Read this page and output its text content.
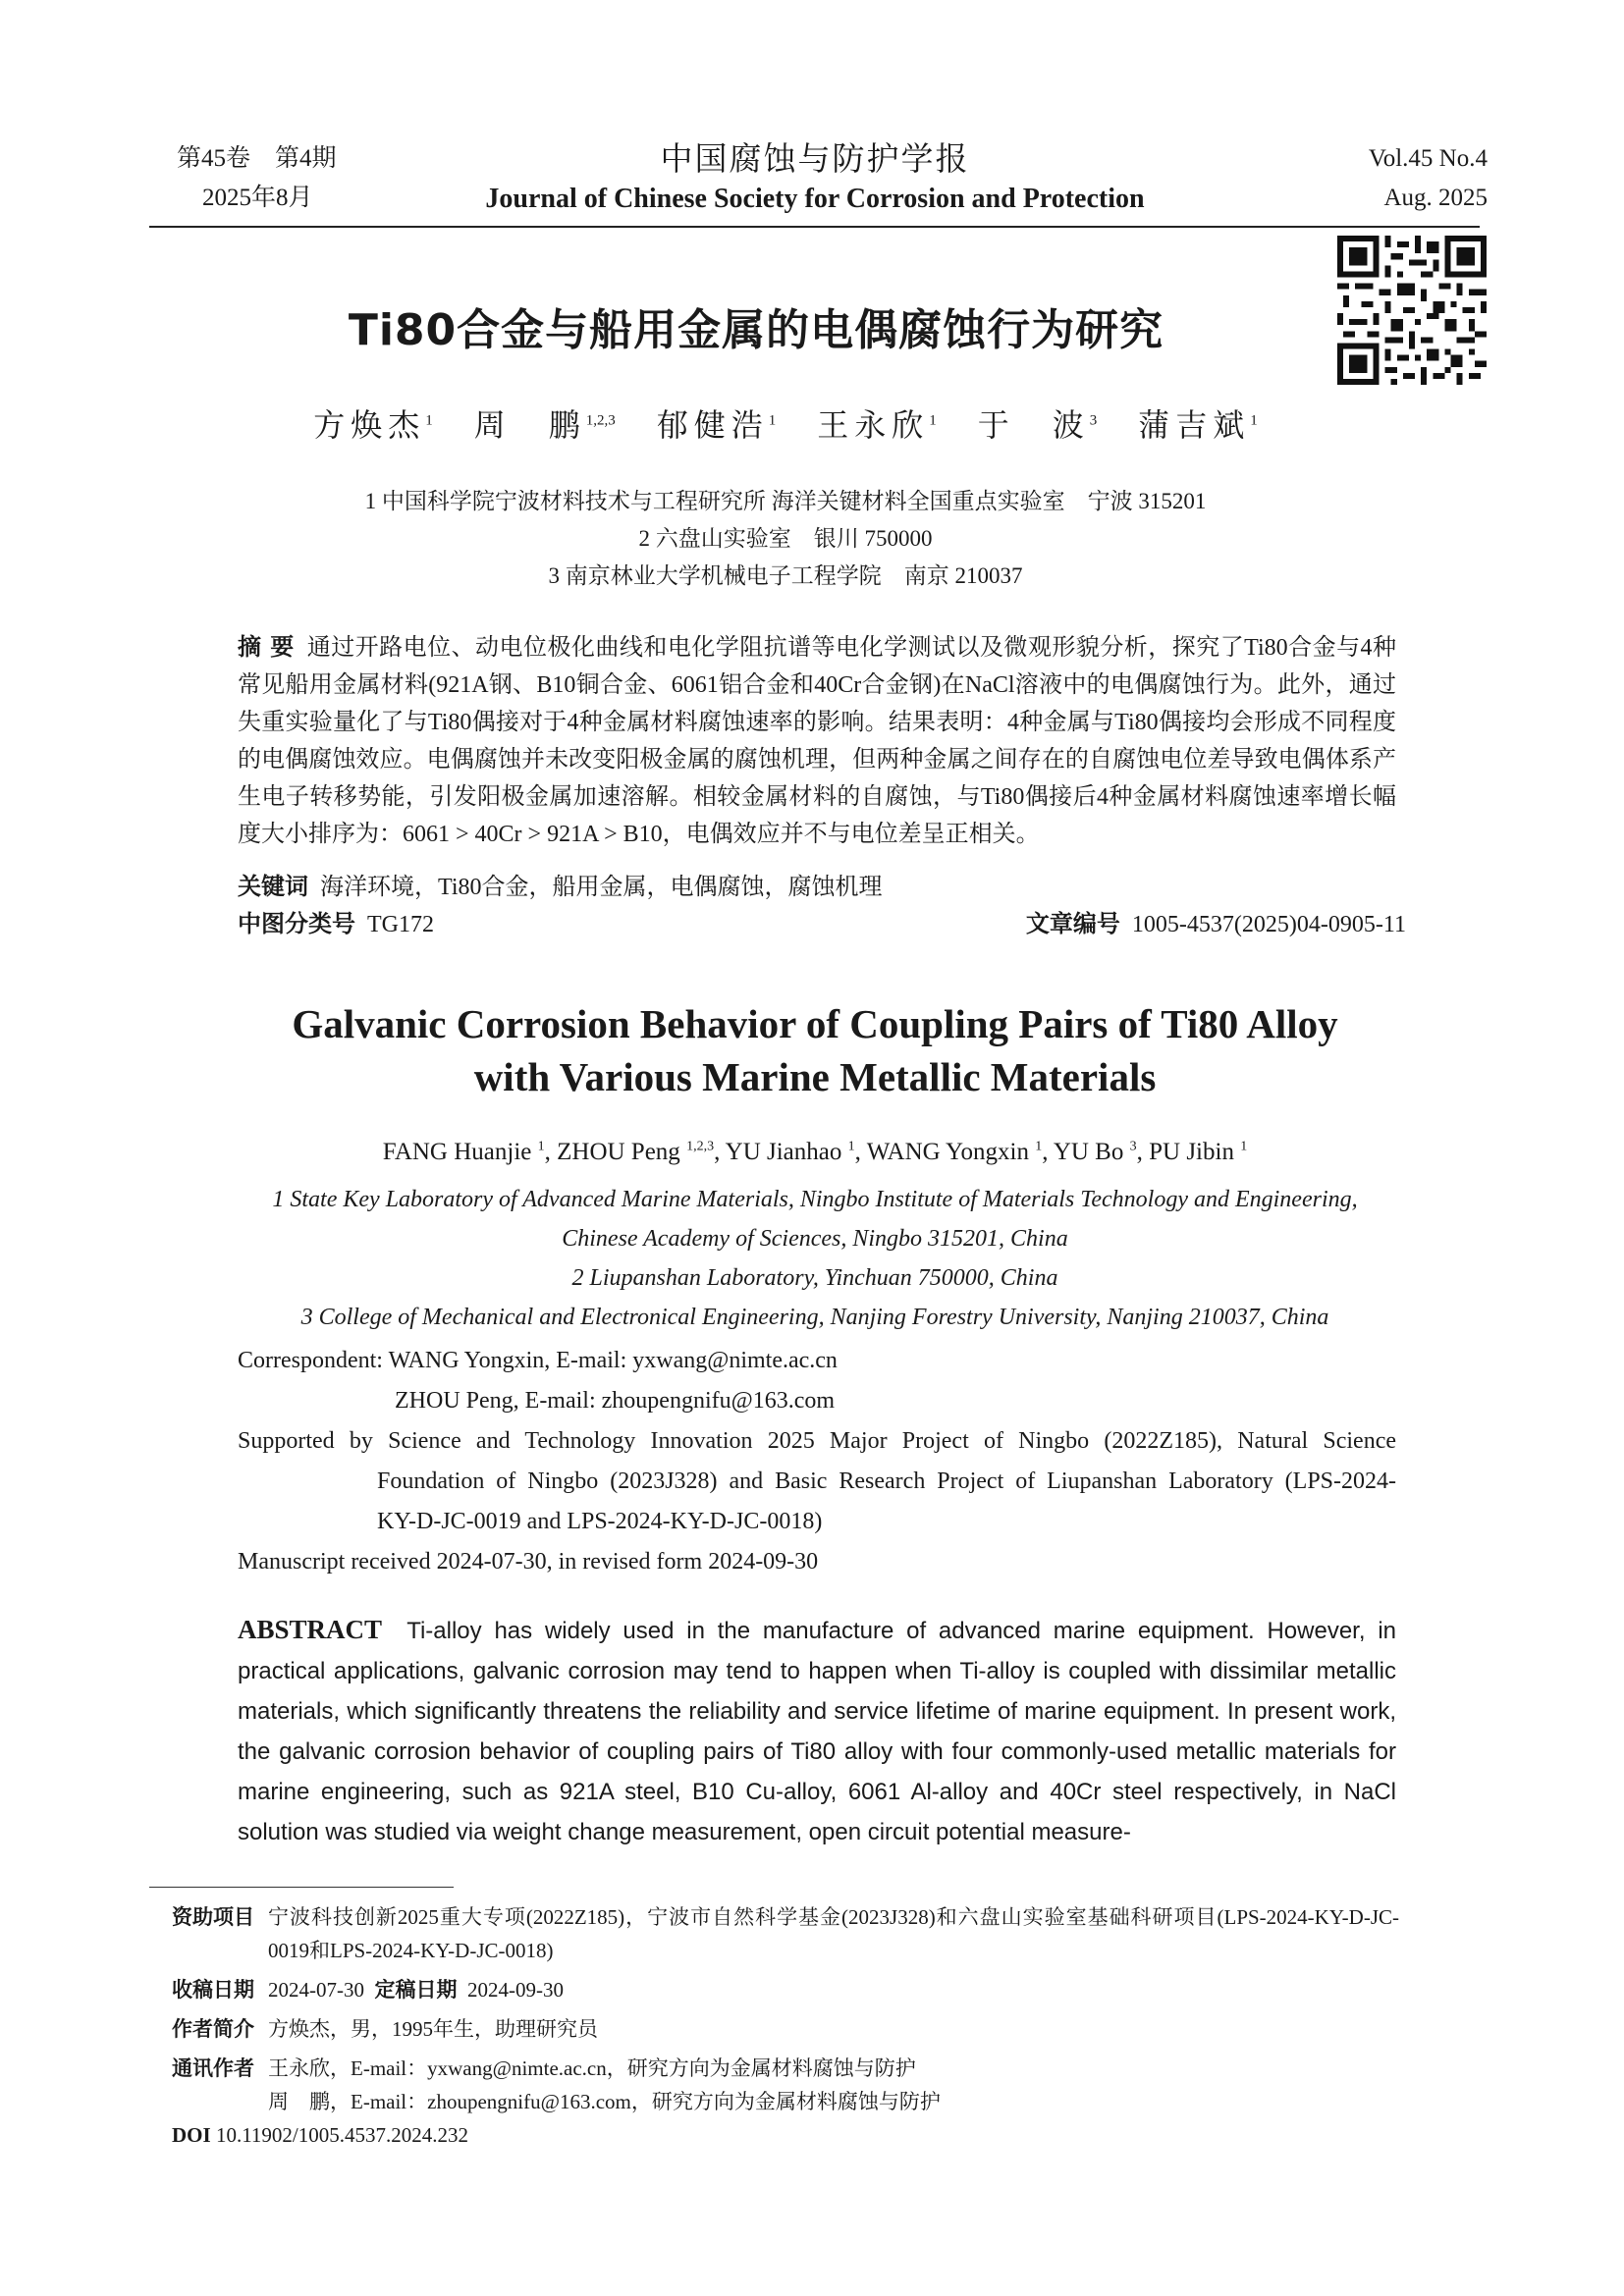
第45卷　第4期
2025年8月
中国腐蚀与防护学报
Journal of Chinese Society for Corrosion and Protection
Vol.45 No.4
Aug. 2025
Ti80合金与船用金属的电偶腐蚀行为研究
方焕杰$^1$ 周　鹏$^{1,2,3}$ 郁健浩$^1$ 王永欣$^1$ 于　波$^3$ 蒲吉斌$^1$
1 中国科学院宁波材料技术与工程研究所 海洋关键材料全国重点实验室　宁波 315201
2 六盘山实验室　银川 750000
3 南京林业大学机械电子工程学院　南京 210037
摘 要 通过开路电位、动电位极化曲线和电化学阻抗谱等电化学测试以及微观形貌分析，探究了Ti80合金与4种常见船用金属材料(921A钢、B10铜合金、6061铝合金和40Cr合金钢)在NaCl溶液中的电偶腐蚀行为。此外，通过失重实验量化了与Ti80偶接对于4种金属材料腐蚀速率的影响。结果表明：4种金属与Ti80偶接均会形成不同程度的电偶腐蚀效应。电偶腐蚀并未改变阳极金属的腐蚀机理，但两种金属之间存在的自腐蚀电位差导致电偶体系产生电子转移势能，引发阳极金属加速溶解。相较金属材料的自腐蚀，与Ti80偶接后4种金属材料腐蚀速率增长幅度大小排序为：6061 > 40Cr > 921A > B10，电偶效应并不与电位差呈正相关。
关键词 海洋环境，Ti80合金，船用金属，电偶腐蚀，腐蚀机理
中图分类号 TG172	文章编号 1005-4537(2025)04-0905-11
Galvanic Corrosion Behavior of Coupling Pairs of Ti80 Alloy
with Various Marine Metallic Materials
FANG Huanjie $^1$, ZHOU Peng $^{1,2,3}$, YU Jianhao $^1$, WANG Yongxin $^1$, YU Bo $^3$, PU Jibin $^1$
1 State Key Laboratory of Advanced Marine Materials, Ningbo Institute of Materials Technology and Engineering,
Chinese Academy of Sciences, Ningbo 315201, China
2 Liupanshan Laboratory, Yinchuan 750000, China
3 College of Mechanical and Electronical Engineering, Nanjing Forestry University, Nanjing 210037, China
Correspondent: WANG Yongxin, E-mail: yxwang@nimte.ac.cn
ZHOU Peng, E-mail: zhoupengnifu@163.com
Supported by Science and Technology Innovation 2025 Major Project of Ningbo (2022Z185), Natural Science
Foundation of Ningbo (2023J328) and Basic Research Project of Liupanshan Laboratory (LPS-2024-
KY-D-JC-0019 and LPS-2024-KY-D-JC-0018)
Manuscript received 2024-07-30, in revised form 2024-09-30
ABSTRACT Ti-alloy has widely used in the manufacture of advanced marine equipment. However, in practical applications, galvanic corrosion may tend to happen when Ti-alloy is coupled with dissimilar metallic materials, which significantly threatens the reliability and service lifetime of marine equipment. In present work, the galvanic corrosion behavior of coupling pairs of Ti80 alloy with four commonly-used metallic materials for marine engineering, such as 921A steel, B10 Cu-alloy, 6061 Al-alloy and 40Cr steel respectively, in NaCl solution was studied via weight change measurement, open circuit potential measure-
资助项目 宁波科技创新2025重大专项(2022Z185)，宁波市自然科学基金(2023J328)和六盘山实验室基础科研项目(LPS-2024-KY-D-JC-0019和LPS-2024-KY-D-JC-0018)
收稿日期 2024-07-30 定稿日期 2024-09-30
作者简介 方焕杰，男，1995年生，助理研究员
通讯作者 王永欣，E-mail：yxwang@nimte.ac.cn，研究方向为金属材料腐蚀与防护
周　鹏，E-mail：zhoupengnifu@163.com，研究方向为金属材料腐蚀与防护
DOI 10.11902/1005.4537.2024.232
